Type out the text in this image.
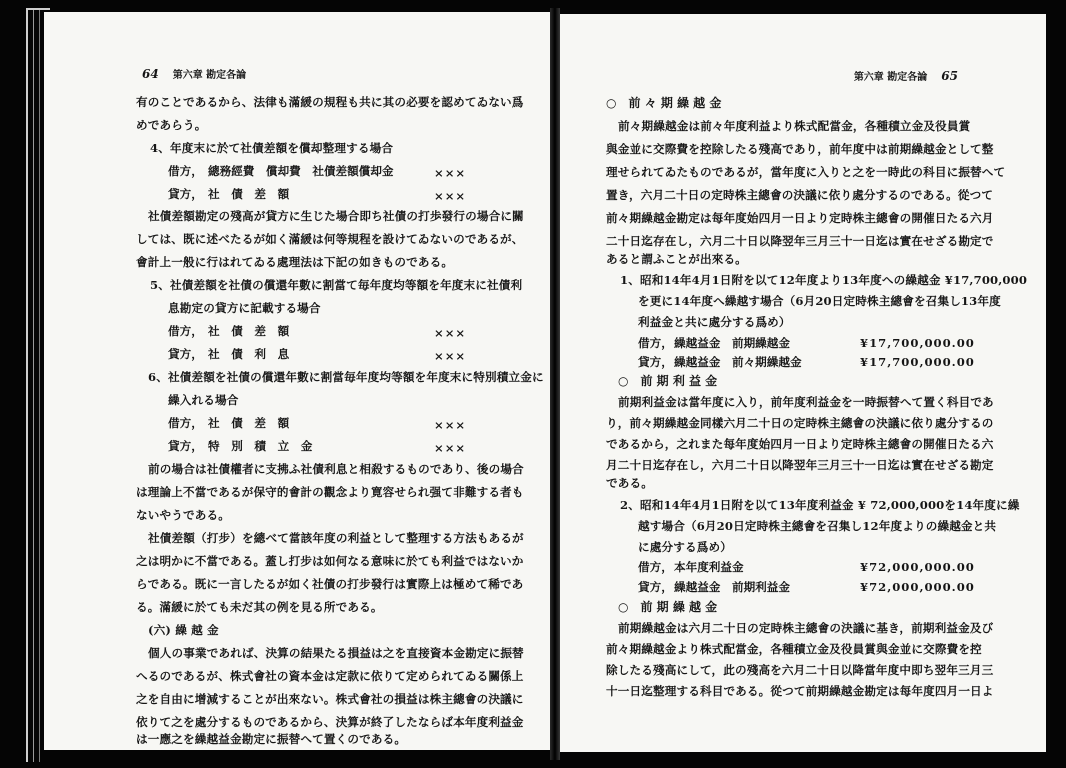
64 第六章 勘定各論
有のことであるから、法律も滿緩の規程も共に其の必要を認めてゐない爲
めであらう。
4、年度末に於て社債差額を償却整理する場合
借方， 總務經費　償却費　社債差額償却金	×××
貸方， 社　債　差　額	×××
社債差額勘定の殘高が貸方に生じた場合即ち社債の打歩發行の場合に關
しては、既に述べたるが如く滿緩は何等規程を設けてゐないのであるが、
會計上一般に行はれてゐる處理法は下記の如きものである。
5、社債差額を社債の償還年數に割當て毎年度均等額を年度末に社債利
息勘定の貸方に記載する場合
借方， 社　債　差　額	×××
貸方， 社　債　利　息	×××
6、社債差額を社債の償還年數に割當毎年度均等額を年度末に特別積立金に
繰入れる場合
借方， 社　債　差　額	×××
貸方， 特　別　積　立　金	×××
前の場合は社債權者に支拂ふ社債利息と相殺するものであり、後の場合
は理論上不當であるが保守的會計の觀念より寛容せられ强て非難する者も
ないやうである。
社債差額（打步）を總べて當該年度の利益として整理する方法もあるが
之は明かに不當である。蓋し打步は如何なる意味に於ても利益ではないか
らである。既に一言したるが如く社債の打步發行は實際上は極めて稀であ
る。滿緩に於ても未だ其の例を見る所である。
(六) 繰 越 金
個人の事業であれば、決算の結果たる損益は之を直接資本金勘定に振替
へるのであるが、株式會社の資本金は定款に依りて定められてゐる關係上
之を自由に增減することが出來ない。株式會社の損益は株主總會の決議に
依りて之を處分するものであるから、決算が終了したならば本年度利益金
は一應之を繰越益金勘定に振替へて置くのである。
第六章 勘定各論 65
○　前 々 期 繰 越 金
前々期繰越金は前々年度利益より株式配當金，各種積立金及役員賞
與金並に交際費を控除したる殘高であり，前年度中は前期繰越金として整
理せられてゐたものであるが，當年度に入りと之を一時此の科目に振替へて
置き，六月二十日の定時株主總會の決議に依り處分するのである。從つて
前々期繰越金勘定は每年度始四月一日より定時株主總會の開催日たる六月
二十日迄存在し，六月二十日以降翌年三月三十一日迄は實在せざる勘定で
あると謂ふことが出來る。
1、昭和14年4月1日附を以て12年度より13年度への繰越金 ¥17,700,000
を更に14年度へ繰越す場合（6月20日定時株主總會を召集し13年度
利益金と共に處分する爲め）
借方， 繰越益金　前期繰越金	¥17,700,000.00
貸方， 繰越益金　前々期繰越金	¥17,700,000.00
○　前 期 利 益 金
前期利益金は當年度に入り，前年度利益金を一時振替へて置く科目であ
り，前々期繰越金同樣六月二十日の定時株主總會の決議に依り處分するの
であるから，之れまた每年度始四月一日より定時株主總會の開催日たる六
月二十日迄存在し，六月二十日以降翌年三月三十一日迄は實在せざる勘定
である。
2、昭和14年4月1日附を以て13年度利益金 ¥ 72,000,000を14年度に繰
越す場合（6月20日定時株主總會を召集し12年度よりの繰越金と共
に處分する爲め）
借方， 本年度利益金	¥72,000,000.00
貸方， 繰越益金　前期利益金	¥72,000,000.00
○　前 期 繰 越 金
前期繰越金は六月二十日の定時株主總會の決議に基き，前期利益金及び
前々期繰越金より株式配當金，各種積立金及役員賞與金並に交際費を控
除したる殘高にして，此の殘高を六月二十日以降當年度中即ち翌年三月三
十一日迄整理する科目である。從つて前期繰越金勘定は每年度四月一日よ
